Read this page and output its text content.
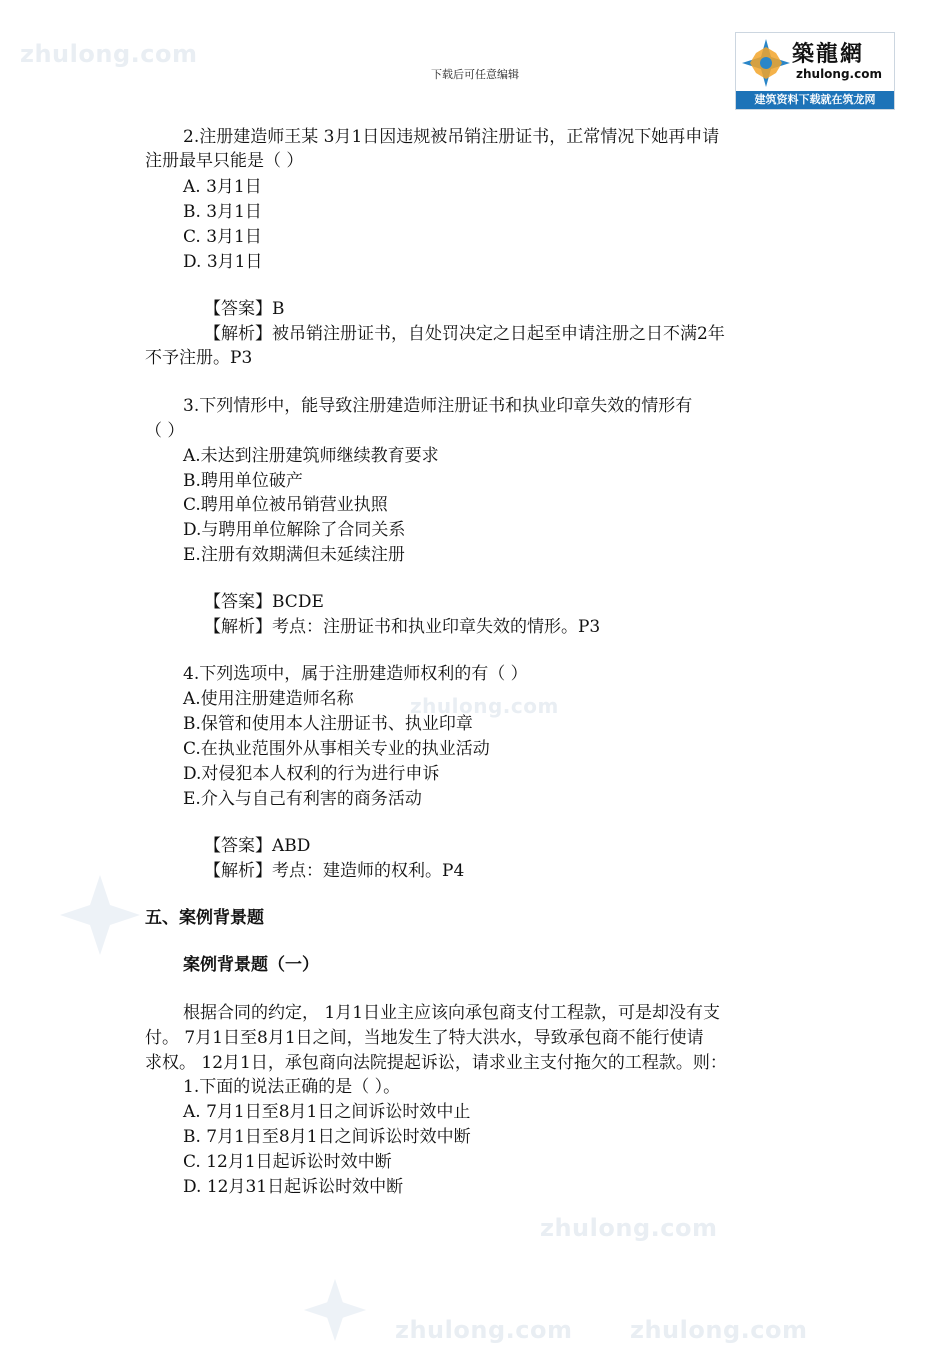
zhulong.com
zhulong.com
zhulong.com
zhulong.com zhulong.com
下载后可任意编辑
築龍網
zhulong.com
建筑资料下载就在筑龙网
2.注册建造师王某 3月1日因违规被吊销注册证书，正常情况下她再申请
注册最早只能是（ ）
A. 3月1日
B. 3月1日
C. 3月1日
D. 3月1日
【答案】B
【解析】被吊销注册证书，自处罚决定之日起至申请注册之日不满2年
不予注册。P3
3.下列情形中，能导致注册建造师注册证书和执业印章失效的情形有
（ ）
A.未达到注册建筑师继续教育要求
B.聘用单位破产
C.聘用单位被吊销营业执照
D.与聘用单位解除了合同关系
E.注册有效期满但未延续注册
【答案】BCDE
【解析】考点：注册证书和执业印章失效的情形。P3
4.下列选项中，属于注册建造师权利的有（ ）
A.使用注册建造师名称
B.保管和使用本人注册证书、执业印章
C.在执业范围外从事相关专业的执业活动
D.对侵犯本人权利的行为进行申诉
E.介入与自己有利害的商务活动
【答案】ABD
【解析】考点：建造师的权利。P4
五、案例背景题
案例背景题（一）
根据合同的约定， 1月1日业主应该向承包商支付工程款，可是却没有支
付。 7月1日至8月1日之间，当地发生了特大洪水，导致承包商不能行使请
求权。 12月1日，承包商向法院提起诉讼，请求业主支付拖欠的工程款。则：
1.下面的说法正确的是（ ）。
A. 7月1日至8月1日之间诉讼时效中止
B. 7月1日至8月1日之间诉讼时效中断
C. 12月1日起诉讼时效中断
D. 12月31日起诉讼时效中断
